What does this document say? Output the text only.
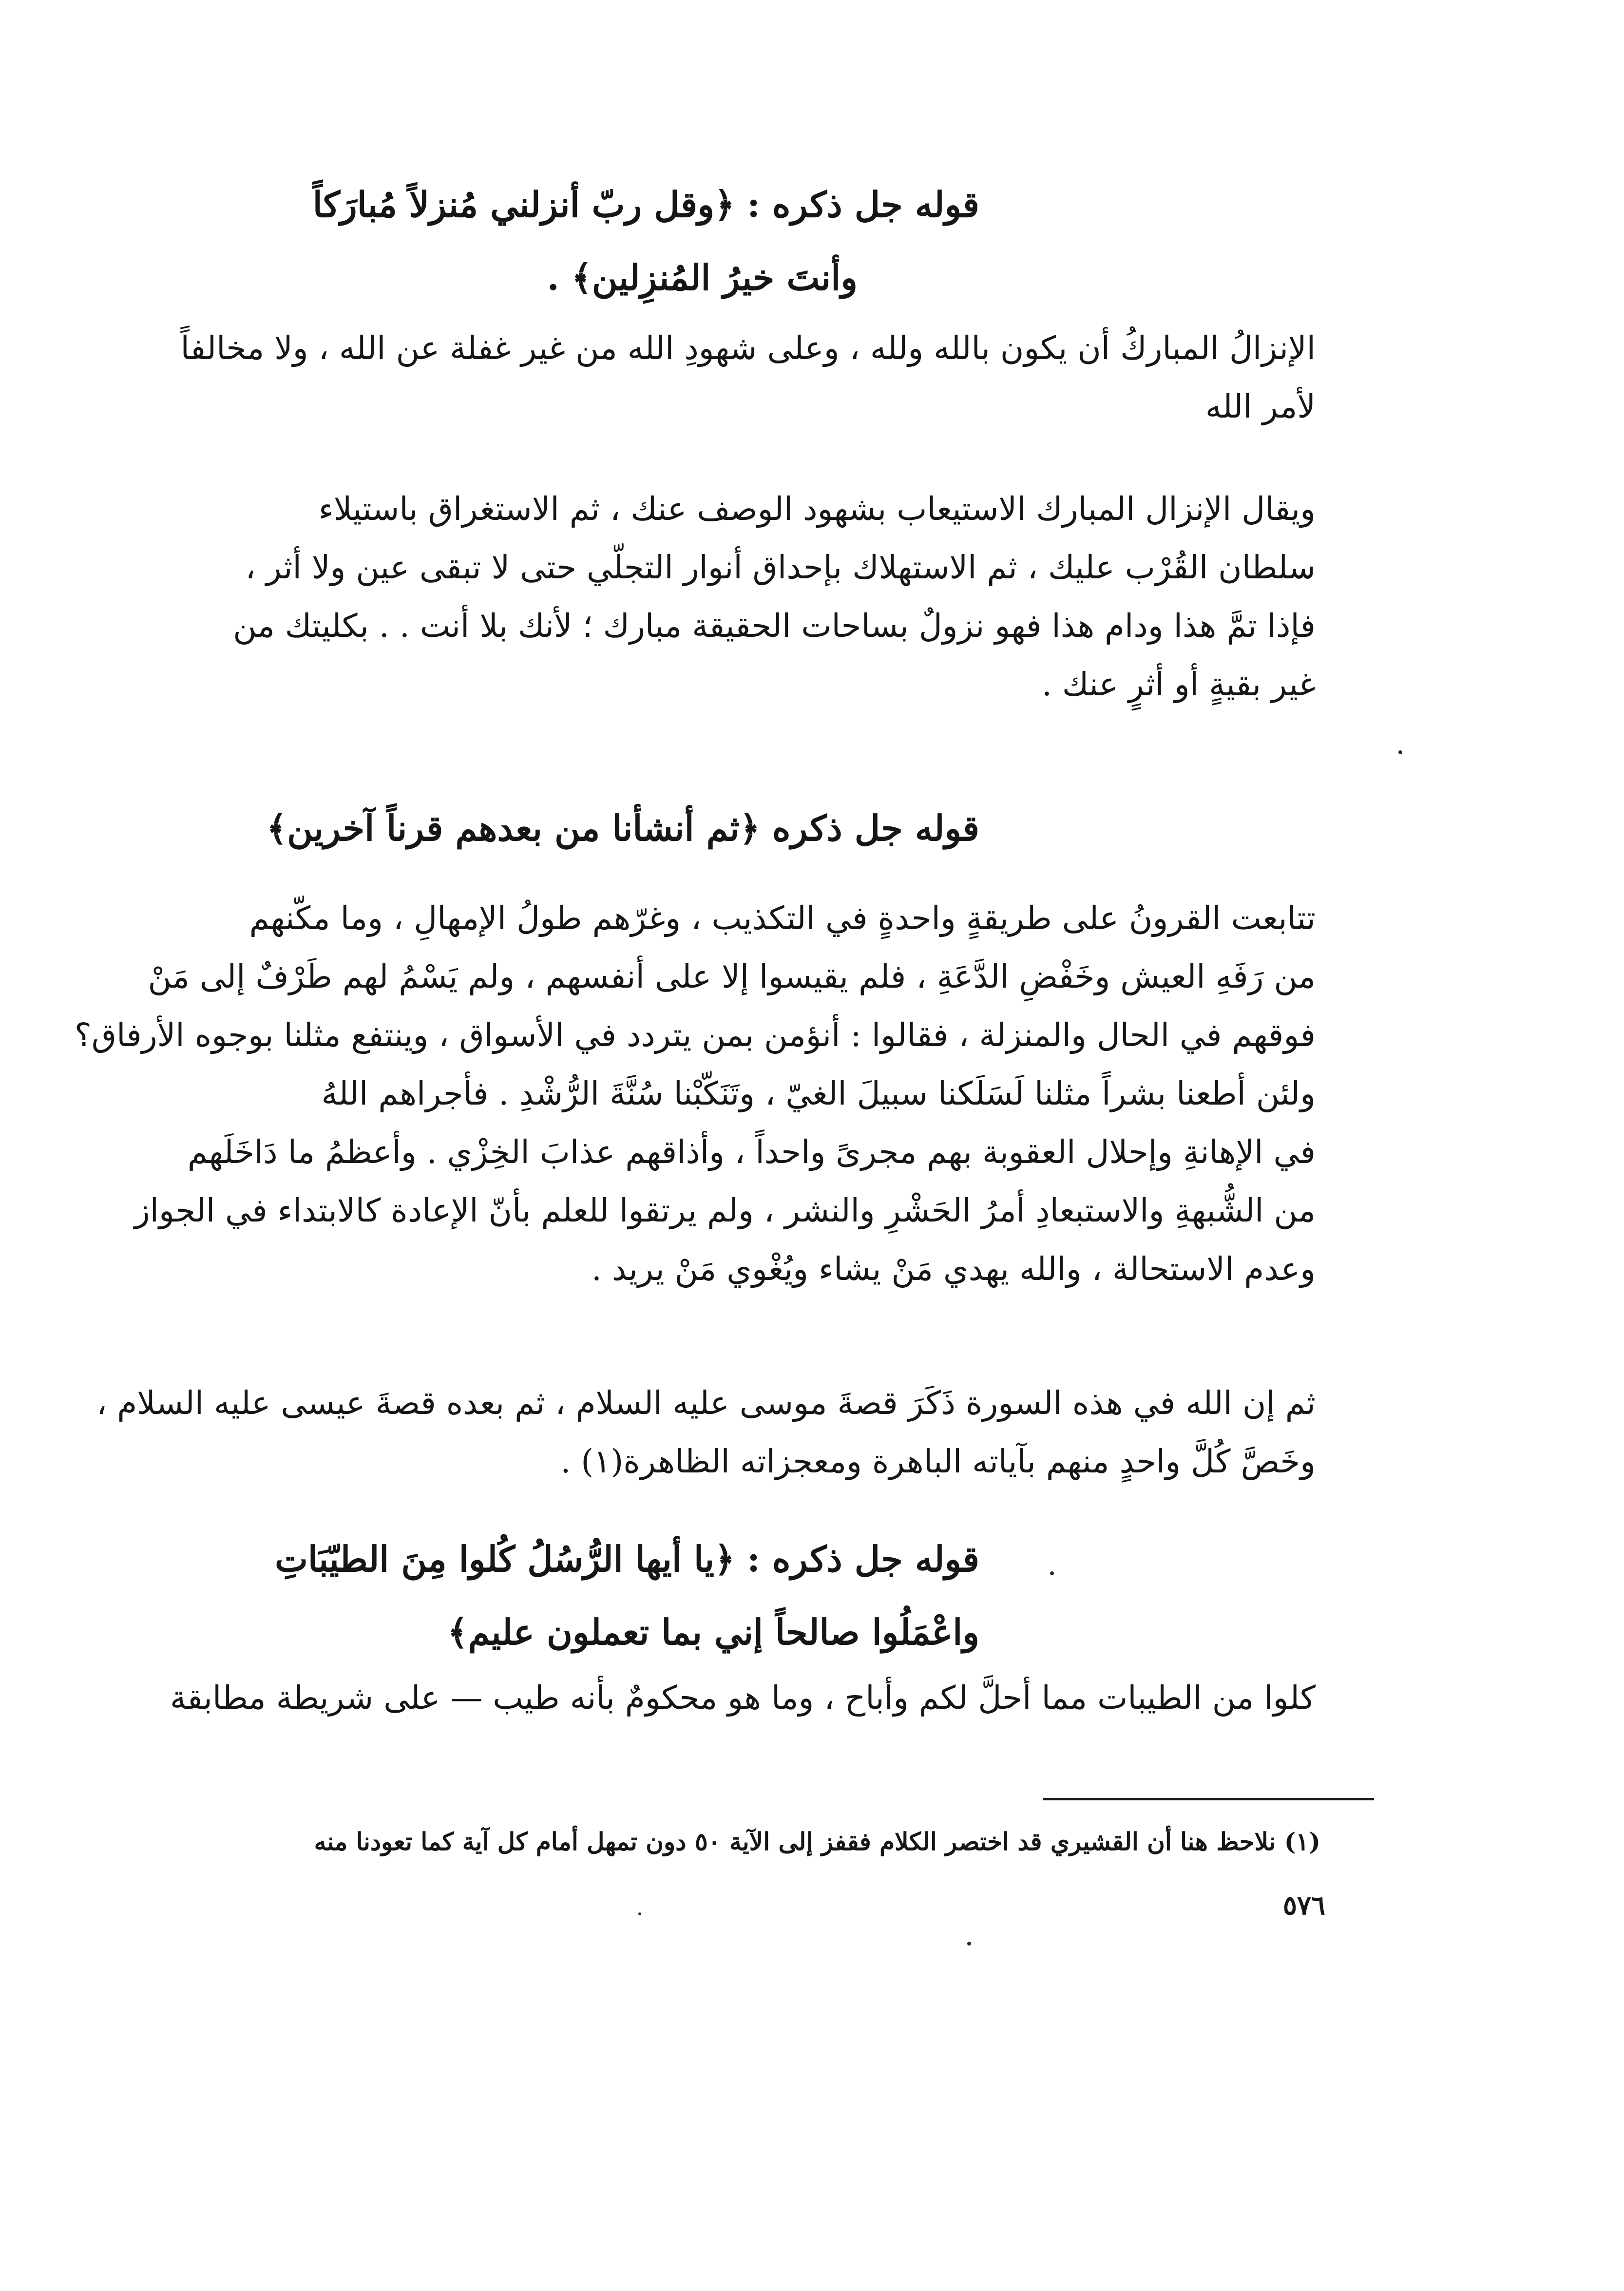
قوله جل ذكره : ﴿وقل ربّ أنزلني مُنزلاً مُبارَكاً
وأنتَ خيرُ المُنزِلين﴾ .
الإنزالُ المباركُ أن يكون بالله ولله ، وعلى شهودِ الله من غير غفلة عن الله ، ولا مخالفاً
لأمر الله
ويقال الإنزال المبارك الاستيعاب بشهود الوصف عنك ، ثم الاستغراق باستيلاء
سلطان القُرْب عليك ، ثم الاستهلاك بإحداق أنوار التجلّي حتى لا تبقى عين ولا أثر ،
فإذا تمَّ هذا ودام هذا فهو نزولٌ بساحات الحقيقة مبارك ؛ لأنك بلا أنت . . بكليتك من
غير بقيةٍ أو أثرٍ عنك .
قوله جل ذكره ﴿ثم أنشأنا من بعدهم قرناً آخرين﴾
تتابعت القرونُ على طريقةٍ واحدةٍ في التكذيب ، وغرّهم طولُ الإمهالِ ، وما مكّنهم
من رَفَهِ العيش وخَفْضِ الدَّعَةِ ، فلم يقيسوا إلا على أنفسهم ، ولم يَسْمُ لهم طَرْفٌ إلى مَنْ
فوقهم في الحال والمنزلة ، فقالوا : أنؤمن بمن يتردد في الأسواق ، وينتفع مثلنا بوجوه الأرفاق؟
ولئن أطعنا بشراً مثلنا لَسَلَكنا سبيلَ الغيّ ، وتَنَكّبْنا سُنَّةَ الرُّشْدِ . فأجراهم اللهُ
في الإهانةِ وإحلال العقوبة بهم مجرىً واحداً ، وأذاقهم عذابَ الخِزْي . وأعظمُ ما دَاخَلَهم
من الشُّبهةِ والاستبعادِ أمرُ الحَشْرِ والنشر ، ولم يرتقوا للعلم بأنّ الإعادة كالابتداء في الجواز
وعدم الاستحالة ، والله يهدي مَنْ يشاء ويُغْوي مَنْ يريد .
ثم إن الله في هذه السورة ذَكَرَ قصةَ موسى عليه السلام ، ثم بعده قصةَ عيسى عليه السلام ،
وخَصَّ كُلَّ واحدٍ منهم بآياته الباهرة ومعجزاته الظاهرة(١) .
قوله جل ذكره : ﴿يا أيها الرُّسُلُ كُلوا مِنَ الطيّبَاتِ
واعْمَلُوا صالحاً إني بما تعملون عليم﴾
كلوا من الطيبات مما أحلَّ لكم وأباح ، وما هو محكومٌ بأنه طيب — على شريطة مطابقة
(١) نلاحظ هنا أن القشيري قد اختصر الكلام فقفز إلى الآية ٥٠ دون تمهل أمام كل آية كما تعودنا منه
٥٧٦
